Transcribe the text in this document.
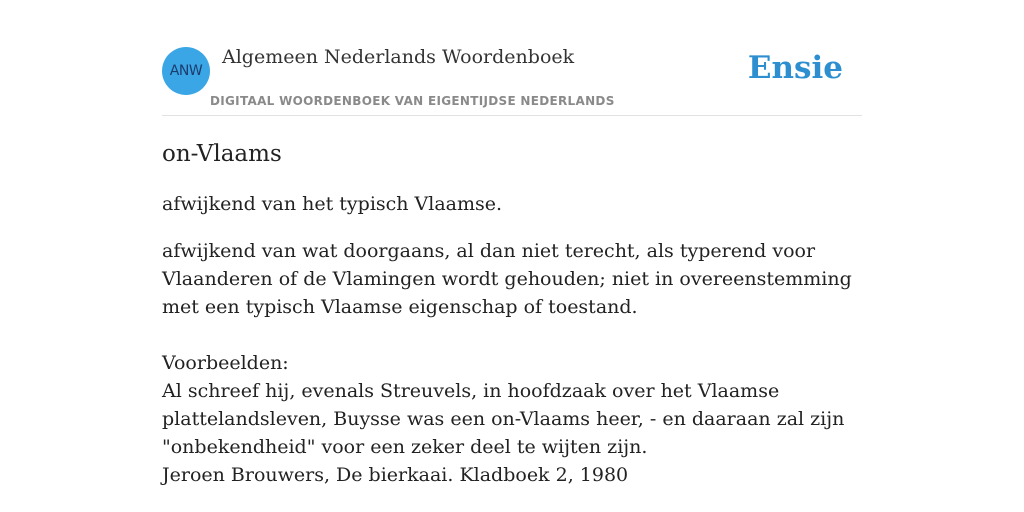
ANW
Algemeen Nederlands Woordenboek
DIGITAAL WOORDENBOEK VAN EIGENTIJDSE NEDERLANDS
Ensie
on-Vlaams

afwijkend van het typisch Vlaamse.

afwijkend van wat doorgaans, al dan niet terecht, als typerend voor Vlaanderen of de Vlamingen wordt gehouden; niet in overeenstemming met een typisch Vlaamse eigenschap of toestand.

Voorbeelden:
Al schreef hij, evenals Streuvels, in hoofdzaak over het Vlaamse plattelandsleven, Buysse was een on-Vlaams heer, - en daaraan zal zijn "onbekendheid" voor een zeker deel te wijten zijn.
Jeroen Brouwers, De bierkaai. Kladboek 2, 1980
